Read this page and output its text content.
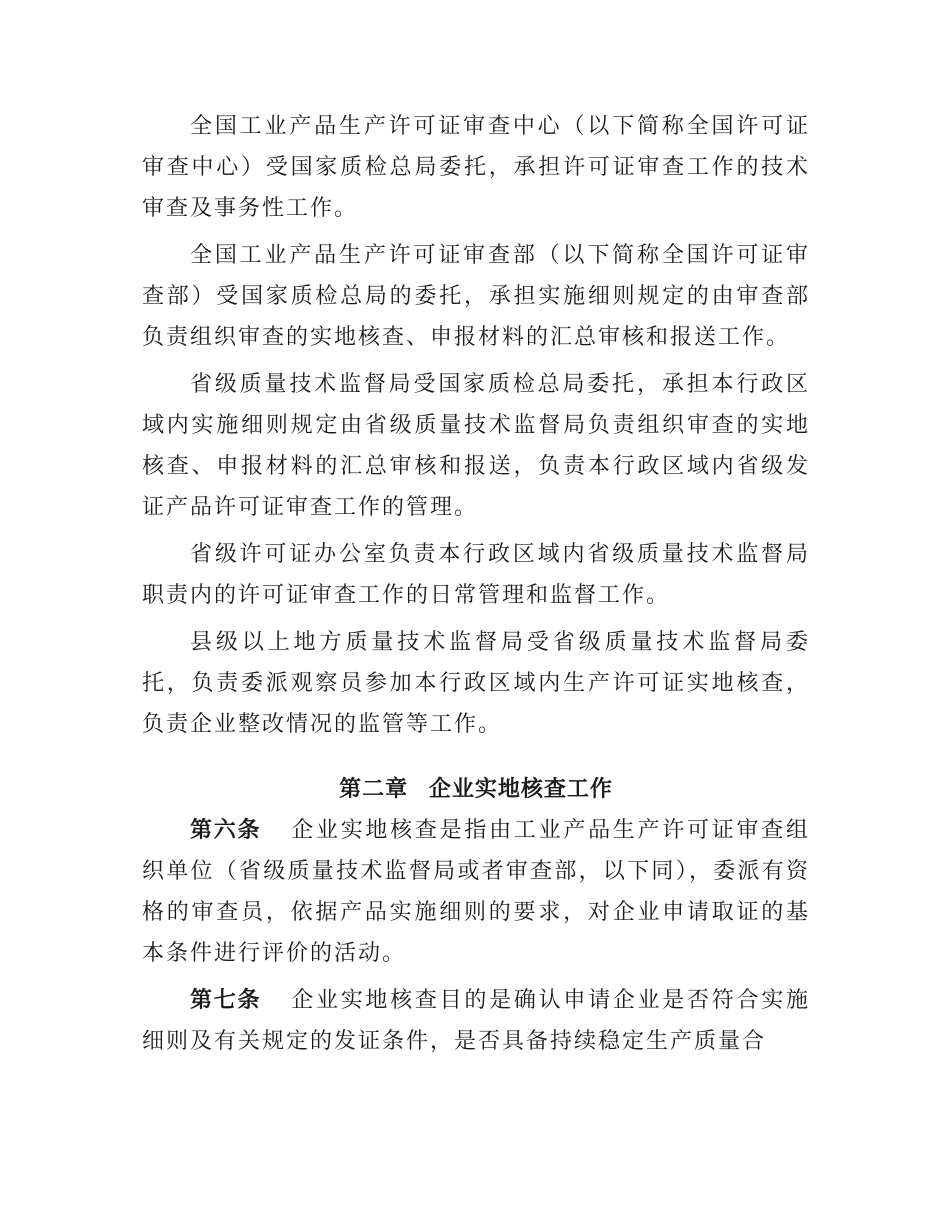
全国工业产品生产许可证审查中心（以下简称全国许可证审查中心）受国家质检总局委托，承担许可证审查工作的技术审查及事务性工作。

全国工业产品生产许可证审查部（以下简称全国许可证审查部）受国家质检总局的委托，承担实施细则规定的由审查部负责组织审查的实地核查、申报材料的汇总审核和报送工作。

省级质量技术监督局受国家质检总局委托，承担本行政区域内实施细则规定由省级质量技术监督局负责组织审查的实地核查、申报材料的汇总审核和报送，负责本行政区域内省级发证产品许可证审查工作的管理。

省级许可证办公室负责本行政区域内省级质量技术监督局职责内的许可证审查工作的日常管理和监督工作。

县级以上地方质量技术监督局受省级质量技术监督局委托，负责委派观察员参加本行政区域内生产许可证实地核查，负责企业整改情况的监管等工作。

第二章 企业实地核查工作

第六条 企业实地核查是指由工业产品生产许可证审查组织单位（省级质量技术监督局或者审查部，以下同），委派有资格的审查员，依据产品实施细则的要求，对企业申请取证的基本条件进行评价的活动。

第七条 企业实地核查目的是确认申请企业是否符合实施细则及有关规定的发证条件，是否具备持续稳定生产质量合
